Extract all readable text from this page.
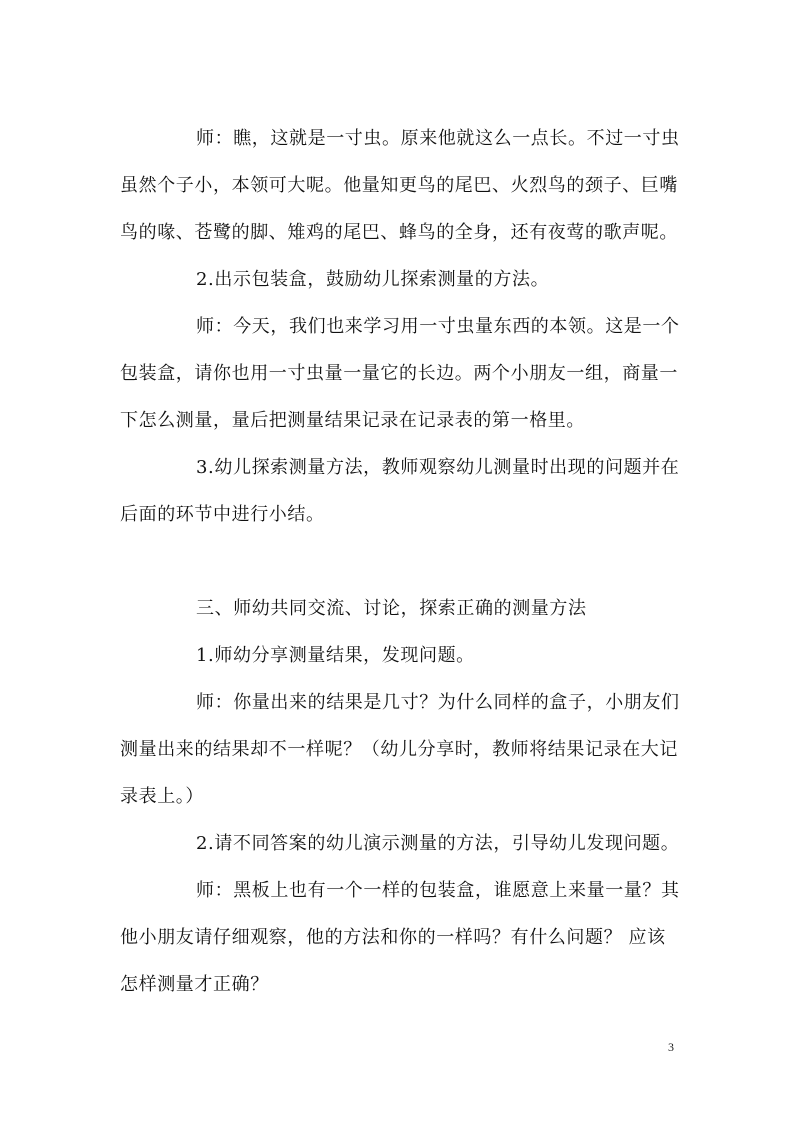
师：瞧，这就是一寸虫。原来他就这么一点长。不过一寸虫
虽然个子小，本领可大呢。他量知更鸟的尾巴、火烈鸟的颈子、巨嘴
鸟的喙、苍鹭的脚、雉鸡的尾巴、蜂鸟的全身，还有夜莺的歌声呢。
2.出示包装盒，鼓励幼儿探索测量的方法。
师：今天，我们也来学习用一寸虫量东西的本领。这是一个
包装盒，请你也用一寸虫量一量它的长边。两个小朋友一组，商量一
下怎么测量，量后把测量结果记录在记录表的第一格里。
3.幼儿探索测量方法，教师观察幼儿测量时出现的问题并在
后面的环节中进行小结。
三、师幼共同交流、讨论，探索正确的测量方法
1.师幼分享测量结果，发现问题。
师：你量出来的结果是几寸？为什么同样的盒子，小朋友们
测量出来的结果却不一样呢？（幼儿分享时，教师将结果记录在大记
录表上。）
2.请不同答案的幼儿演示测量的方法，引导幼儿发现问题。
师：黑板上也有一个一样的包装盒，谁愿意上来量一量？其
他小朋友请仔细观察，他的方法和你的一样吗？有什么问题？ 应该
怎样测量才正确？
3
